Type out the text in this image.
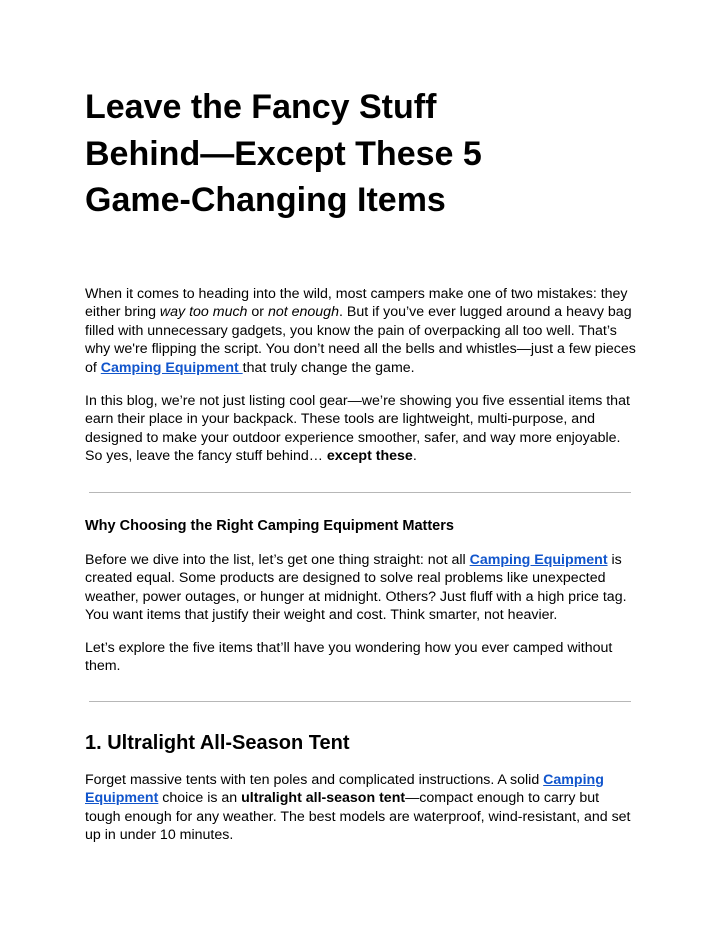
Leave the Fancy Stuff
Behind—Except These 5
Game-Changing Items

When it comes to heading into the wild, most campers make one of two mistakes: they either bring way too much or not enough. But if you’ve ever lugged around a heavy bag filled with unnecessary gadgets, you know the pain of overpacking all too well. That’s why we're flipping the script. You don’t need all the bells and whistles—just a few pieces of Camping Equipment that truly change the game.

In this blog, we’re not just listing cool gear—we’re showing you five essential items that earn their place in your backpack. These tools are lightweight, multi-purpose, and designed to make your outdoor experience smoother, safer, and way more enjoyable. So yes, leave the fancy stuff behind… except these.

Why Choosing the Right Camping Equipment Matters

Before we dive into the list, let’s get one thing straight: not all Camping Equipment is created equal. Some products are designed to solve real problems like unexpected weather, power outages, or hunger at midnight. Others? Just fluff with a high price tag. You want items that justify their weight and cost. Think smarter, not heavier.

Let’s explore the five items that’ll have you wondering how you ever camped without them.

1. Ultralight All-Season Tent

Forget massive tents with ten poles and complicated instructions. A solid Camping Equipment choice is an ultralight all-season tent—compact enough to carry but tough enough for any weather. The best models are waterproof, wind-resistant, and set up in under 10 minutes.
